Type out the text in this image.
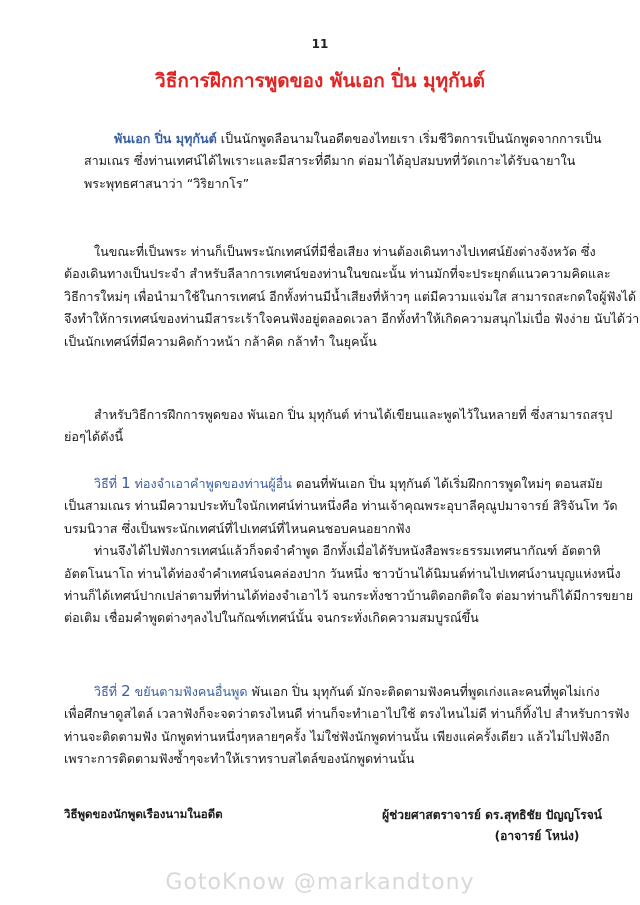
11
วิธีการฝึกการพูดของ พันเอก ปิ่น มุทุกันต์
พันเอก ปิ่น มุทุกันต์ เป็นนักพูดลือนามในอดีตของไทยเรา เริ่มชีวิตการเป็นนักพูดจากการเป็น
สามเณร ซึ่งท่านเทศน์ได้ไพเราะและมีสาระที่ดีมาก ต่อมาได้อุปสมบทที่วัดเกาะได้รับฉายาใน
พระพุทธศาสนาว่า “วิริยากโร”
ในขณะที่เป็นพระ ท่านก็เป็นพระนักเทศน์ที่มีชื่อเสียง ท่านต้องเดินทางไปเทศน์ยังต่างจังหวัด ซึ่ง
ต้องเดินทางเป็นประจำ สำหรับลีลาการเทศน์ของท่านในขณะนั้น ท่านมักที่จะประยุกต์แนวความคิดและ
วิธีการใหม่ๆ เพื่อนำมาใช้ในการเทศน์ อีกทั้งท่านมีน้ำเสียงที่ห้าวๆ แต่มีความแจ่มใส สามารถสะกดใจผู้ฟังได้
จึงทำให้การเทศน์ของท่านมีสาระเร้าใจคนฟังอยู่ตลอดเวลา อีกทั้งทำให้เกิดความสนุกไม่เบื่อ ฟังง่าย นับได้ว่า
เป็นนักเทศน์ที่มีความคิดก้าวหน้า กล้าคิด กล้าทำ ในยุคนั้น
สำหรับวิธีการฝึกการพูดของ พันเอก ปิ่น มุทุกันต์ ท่านได้เขียนและพูดไว้ในหลายที่ ซึ่งสามารถสรุป
ย่อๆได้ดังนี้
วิธีที่ 1 ท่องจำเอาคำพูดของท่านผู้อื่น ตอนที่พันเอก ปิ่น มุทุกันต์ ได้เริ่มฝึกการพูดใหม่ๆ ตอนสมัย
เป็นสามเณร ท่านมีความประทับใจนักเทศน์ท่านหนึ่งคือ ท่านเจ้าคุณพระอุบาลีคุณูปมาจารย์ สิริจันโท วัด
บรมนิวาส ซึ่งเป็นพระนักเทศน์ที่ไปเทศน์ที่ไหนคนชอบคนอยากฟัง
ท่านจึงได้ไปฟังการเทศน์แล้วก็จดจำคำพูด อีกทั้งเมื่อได้รับหนังสือพระธรรมเทศนากัณฑ์ อัตตาหิ
อัตตโนนาโถ ท่านได้ท่องจำคำเทศน์จนคล่องปาก วันหนึ่ง ชาวบ้านได้นิมนต์ท่านไปเทศน์งานบุญแห่งหนึ่ง
ท่านก็ได้เทศน์ปากเปล่าตามที่ท่านได้ท่องจำเอาไว้ จนกระทั่งชาวบ้านติดอกติดใจ ต่อมาท่านก็ได้มีการขยาย
ต่อเติม เชื่อมคำพูดต่างๆลงไปในกัณฑ์เทศน์นั้น จนกระทั่งเกิดความสมบูรณ์ขึ้น
วิธีที่ 2 ขยันตามฟังคนอื่นพูด พันเอก ปิ่น มุทุกันต์ มักจะติดตามฟังคนที่พูดเก่งและคนที่พูดไม่เก่ง
เพื่อศึกษาดูสไตล์ เวลาฟังก็จะจดว่าตรงไหนดี ท่านก็จะทำเอาไปใช้ ตรงไหนไม่ดี ท่านก็ทิ้งไป สำหรับการฟัง
ท่านจะติดตามฟัง นักพูดท่านหนึ่งๆหลายๆครั้ง ไม่ใช่ฟังนักพูดท่านนั้น เพียงแค่ครั้งเดียว แล้วไม่ไปฟังอีก
เพราะการติดตามฟังซ้ำๆจะทำให้เราทราบสไตล์ของนักพูดท่านนั้น
วิธีพูดของนักพูดเรืองนามในอดีต	ผู้ช่วยศาสตราจารย์ ดร.สุทธิชัย ปัญญโรจน์
(อาจารย์ โหน่ง)
GotoKnow @markandtony
